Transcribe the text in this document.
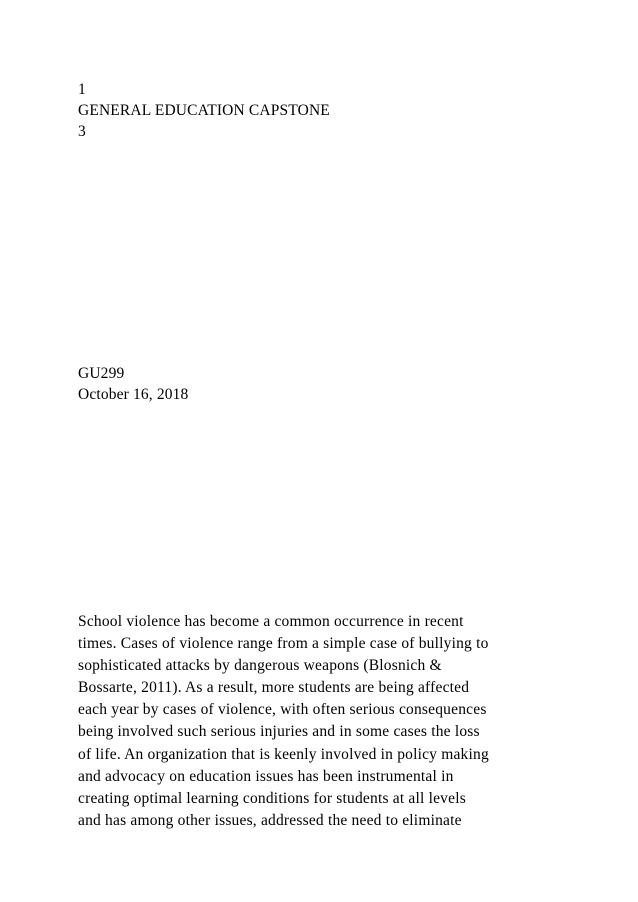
1
GENERAL EDUCATION CAPSTONE
3
GU299
October 16, 2018
School violence has become a common occurrence in recent
times. Cases of violence range from a simple case of bullying to
sophisticated attacks by dangerous weapons (Blosnich &
Bossarte, 2011). As a result, more students are being affected
each year by cases of violence, with often serious consequences
being involved such serious injuries and in some cases the loss
of life. An organization that is keenly involved in policy making
and advocacy on education issues has been instrumental in
creating optimal learning conditions for students at all levels
and has among other issues, addressed the need to eliminate
